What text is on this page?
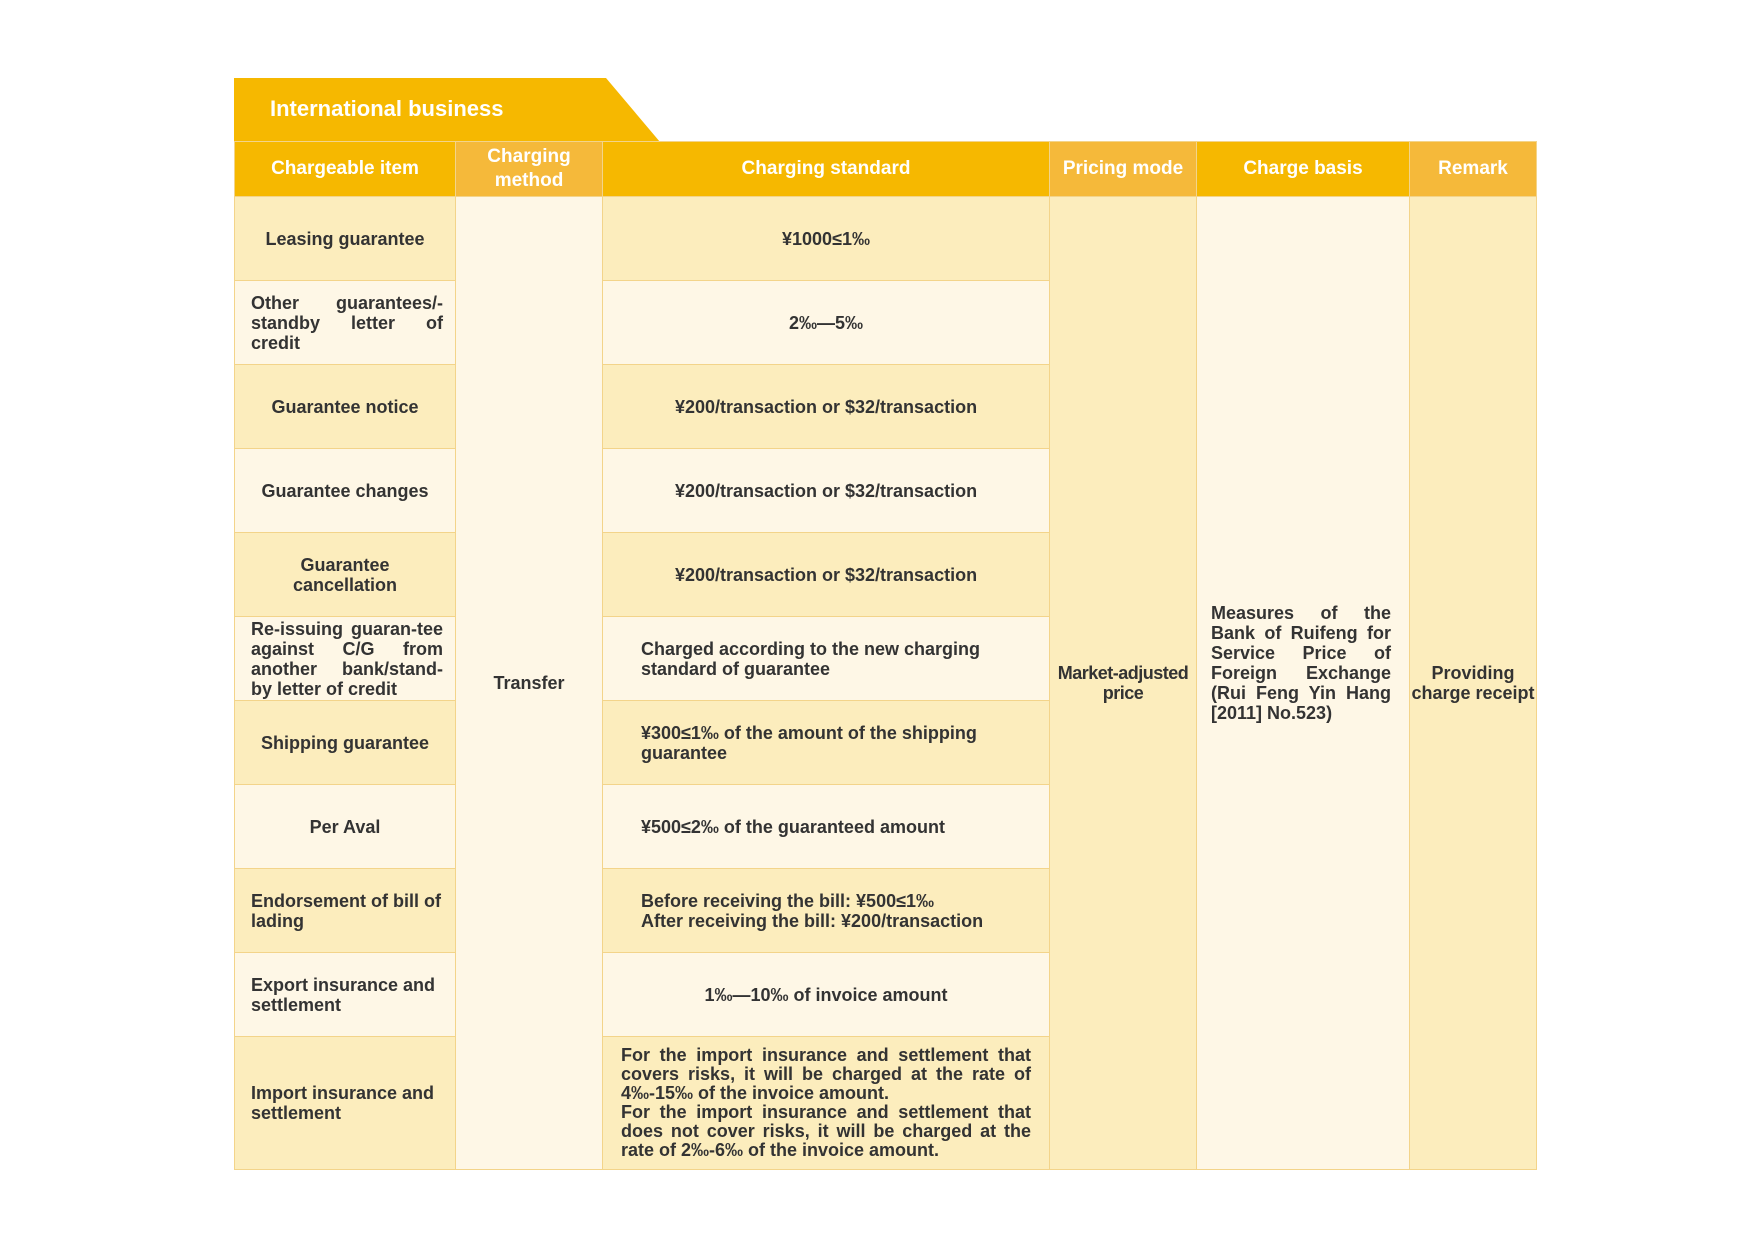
International business
Chargeable item	Charging method	Charging standard	Pricing mode	Charge basis	Remark
Leasing guarantee	Transfer	¥1000≤1‰	Market-adjusted price	Measures of the Bank of Ruifeng for Service Price of Foreign Exchange (Rui Feng Yin Hang [2011] No.523)	Providing charge receipt
Other guarantees/-standby letter of credit		2‰—5‰			
Guarantee notice		¥200/transaction or $32/transaction			
Guarantee changes		¥200/transaction or $32/transaction			
Guarantee cancellation		¥200/transaction or $32/transaction			
Re-issuing guaran-tee against C/G from another bank/stand-by letter of credit		Charged according to the new charging standard of guarantee			
Shipping guarantee		¥300≤1‰ of the amount of the shipping guarantee			
Per Aval		¥500≤2‰ of the guaranteed amount			
Endorsement of bill of lading		Before receiving the bill: ¥500≤1‰
After receiving the bill: ¥200/transaction			

Export insurance and settlement		1‰—10‰ of invoice amount			
Import insurance and settlement		For the import insurance and settlement that covers risks, it will be charged at the rate of 4‰-15‰ of the invoice amount.
For the import insurance and settlement that does not cover risks, it will be charged at the rate of 2‰-6‰ of the invoice amount.			
